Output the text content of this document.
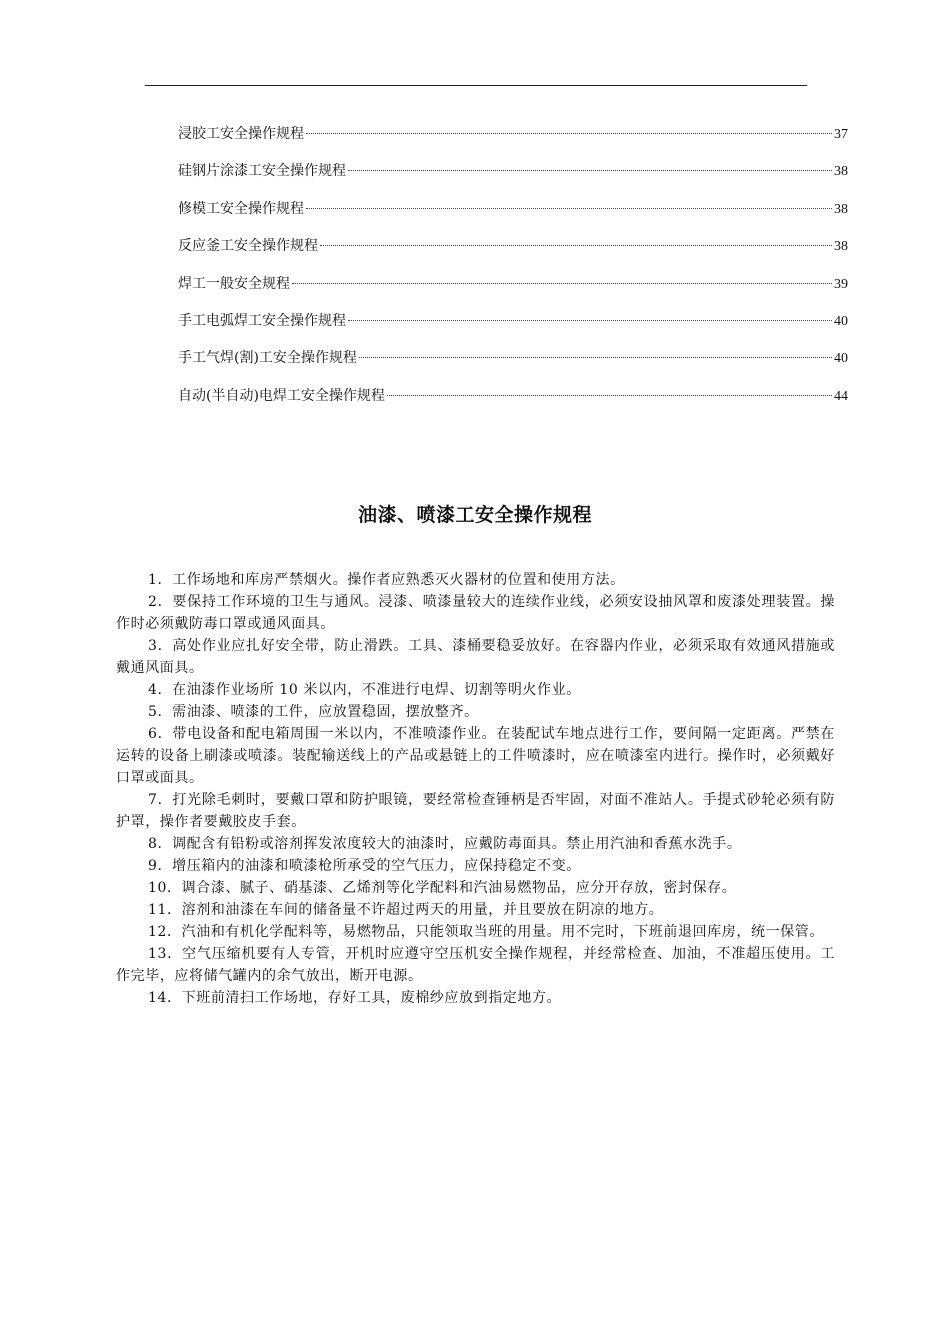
浸胶工安全操作规程	37
硅钢片涂漆工安全操作规程	38
修模工安全操作规程	38
反应釜工安全操作规程	38
焊工一般安全规程	39
手工电弧焊工安全操作规程	40
手工气焊(割)工安全操作规程	40
自动(半自动)电焊工安全操作规程	44
油漆、喷漆工安全操作规程

1．工作场地和库房严禁烟火。操作者应熟悉灭火器材的位置和使用方法。

2．要保持工作环境的卫生与通风。浸漆、喷漆量较大的连续作业线，必须安设抽风罩和废漆处理装置。操作时必须戴防毒口罩或通风面具。

3．高处作业应扎好安全带，防止滑跌。工具、漆桶要稳妥放好。在容器内作业，必须采取有效通风措施或戴通风面具。

4．在油漆作业场所 10 米以内，不准进行电焊、切割等明火作业。

5．需油漆、喷漆的工件，应放置稳固，摆放整齐。

6．带电设备和配电箱周围一米以内，不准喷漆作业。在装配试车地点进行工作，要间隔一定距离。严禁在运转的设备上刷漆或喷漆。装配输送线上的产品或悬链上的工件喷漆时，应在喷漆室内进行。操作时，必须戴好口罩或面具。

7．打光除毛刺时，要戴口罩和防护眼镜，要经常检查锤柄是否牢固，对面不准站人。手提式砂轮必须有防护罩，操作者要戴胶皮手套。

8．调配含有铅粉或溶剂挥发浓度较大的油漆时，应戴防毒面具。禁止用汽油和香蕉水洗手。

9．增压箱内的油漆和喷漆枪所承受的空气压力，应保持稳定不变。

10．调合漆、腻子、硝基漆、乙烯剂等化学配料和汽油易燃物品，应分开存放，密封保存。

11．溶剂和油漆在车间的储备量不许超过两天的用量，并且要放在阴凉的地方。

12．汽油和有机化学配料等，易燃物品，只能领取当班的用量。用不完时，下班前退回库房，统一保管。

13．空气压缩机要有人专管，开机时应遵守空压机安全操作规程，并经常检查、加油，不准超压使用。工作完毕，应将储气罐内的余气放出，断开电源。

14．下班前清扫工作场地，存好工具，废棉纱应放到指定地方。
